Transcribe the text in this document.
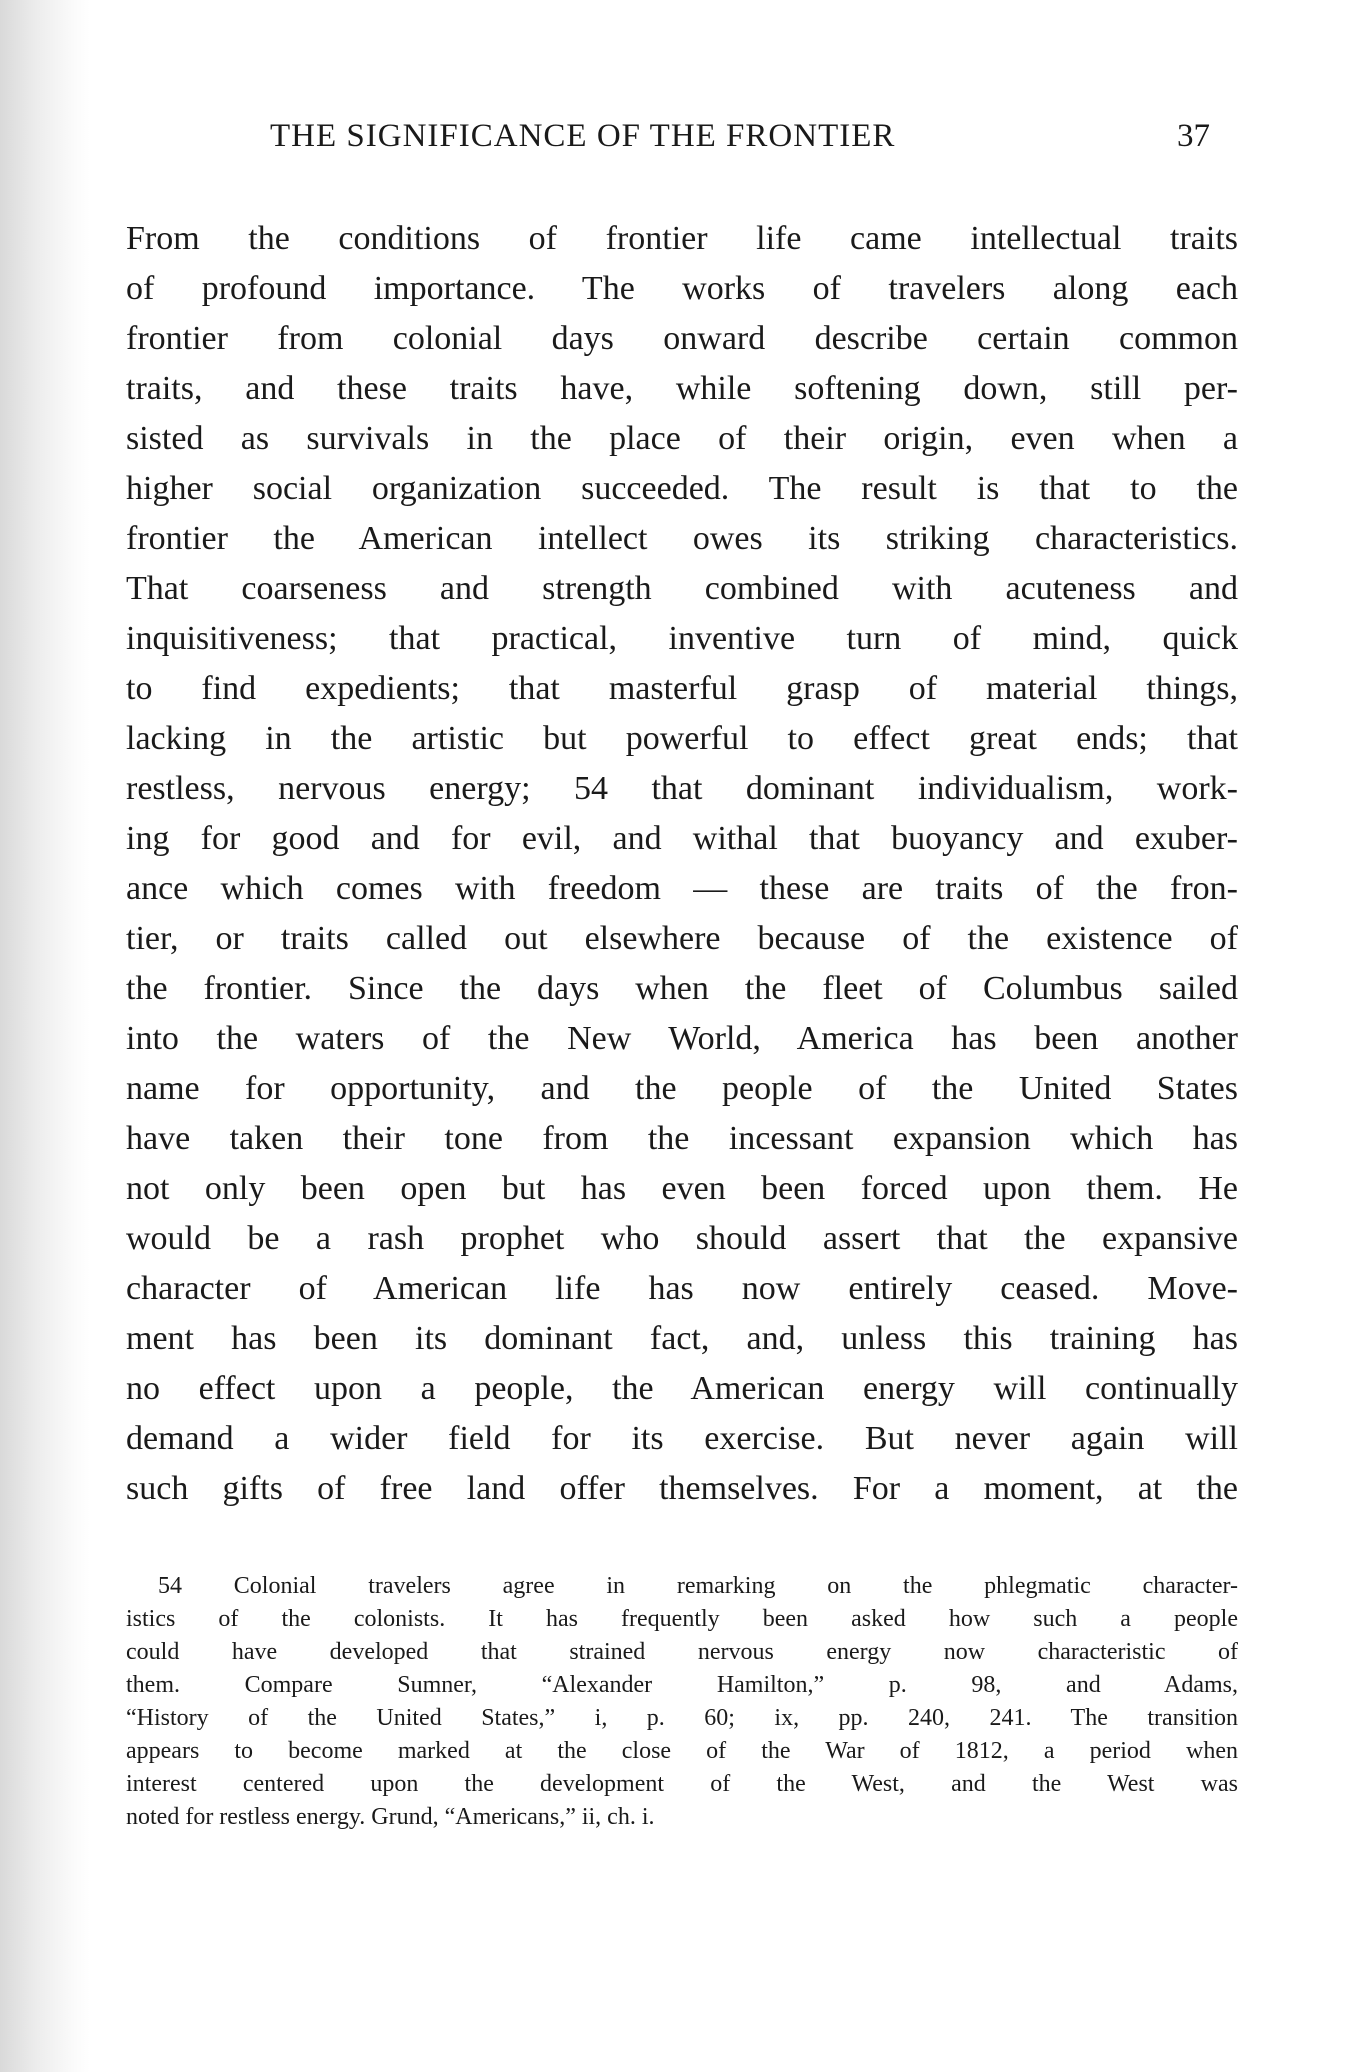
THE SIGNIFICANCE OF THE FRONTIER	37
From the conditions of frontier life came intellectual traits
of profound importance. The works of travelers along each
frontier from colonial days onward describe certain common
traits, and these traits have, while softening down, still per-
sisted as survivals in the place of their origin, even when a
higher social organization succeeded. The result is that to the
frontier the American intellect owes its striking characteristics.
That coarseness and strength combined with acuteness and
inquisitiveness; that practical, inventive turn of mind, quick
to find expedients; that masterful grasp of material things,
lacking in the artistic but powerful to effect great ends; that
restless, nervous energy; 54 that dominant individualism, work-
ing for good and for evil, and withal that buoyancy and exuber-
ance which comes with freedom — these are traits of the fron-
tier, or traits called out elsewhere because of the existence of
the frontier. Since the days when the fleet of Columbus sailed
into the waters of the New World, America has been another
name for opportunity, and the people of the United States
have taken their tone from the incessant expansion which has
not only been open but has even been forced upon them. He
would be a rash prophet who should assert that the expansive
character of American life has now entirely ceased. Move-
ment has been its dominant fact, and, unless this training has
no effect upon a people, the American energy will continually
demand a wider field for its exercise. But never again will
such gifts of free land offer themselves. For a moment, at the
54 Colonial travelers agree in remarking on the phlegmatic character-
istics of the colonists. It has frequently been asked how such a people
could have developed that strained nervous energy now characteristic of
them. Compare Sumner, “Alexander Hamilton,” p. 98, and Adams,
“History of the United States,” i, p. 60; ix, pp. 240, 241. The transition
appears to become marked at the close of the War of 1812, a period when
interest centered upon the development of the West, and the West was
noted for restless energy. Grund, “Americans,” ii, ch. i.
